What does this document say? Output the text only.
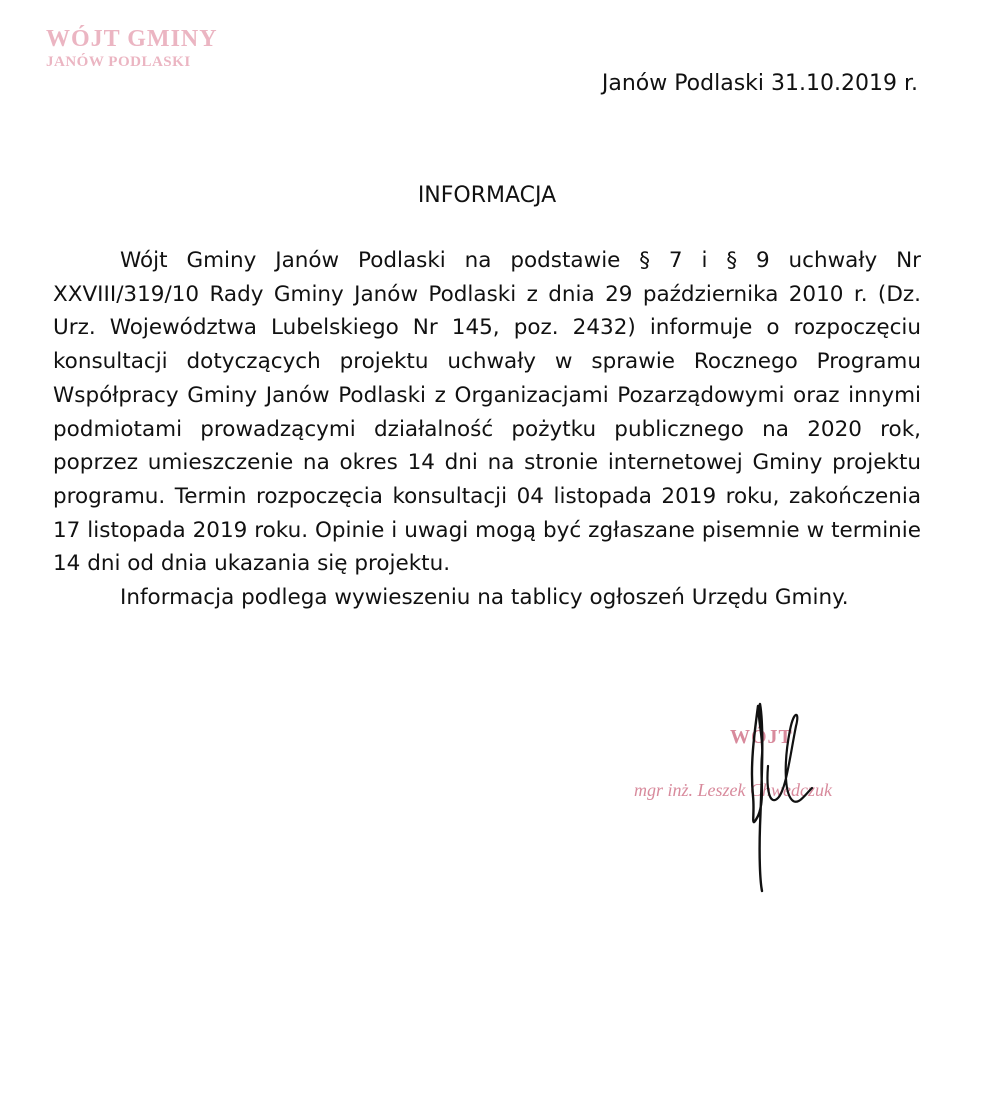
WÓJT GMINY
JANÓW PODLASKI
Janów Podlaski 31.10.2019 r.
INFORMACJA

Wójt Gminy Janów Podlaski na podstawie § 7 i § 9 uchwały Nr XXVIII/319/10 Rady Gminy Janów Podlaski z dnia 29 października 2010 r. (Dz. Urz. Województwa Lubelskiego Nr 145, poz. 2432) informuje o rozpoczęciu konsultacji dotyczących projektu uchwały w sprawie Rocznego Programu Współpracy Gminy Janów Podlaski z Organizacjami Pozarządowymi oraz innymi podmiotami prowadzącymi działalność pożytku publicznego na 2020 rok, poprzez umieszczenie na okres 14 dni na stronie internetowej Gminy projektu programu. Termin rozpoczęcia konsultacji 04 listopada 2019 roku, zakończenia 17 listopada 2019 roku. Opinie i uwagi mogą być zgłaszane pisemnie w terminie 14 dni od dnia ukazania się projektu.

Informacja podlega wywieszeniu na tablicy ogłoszeń Urzędu Gminy.

WÓJT
mgr inż. Leszek Chwedczuk
